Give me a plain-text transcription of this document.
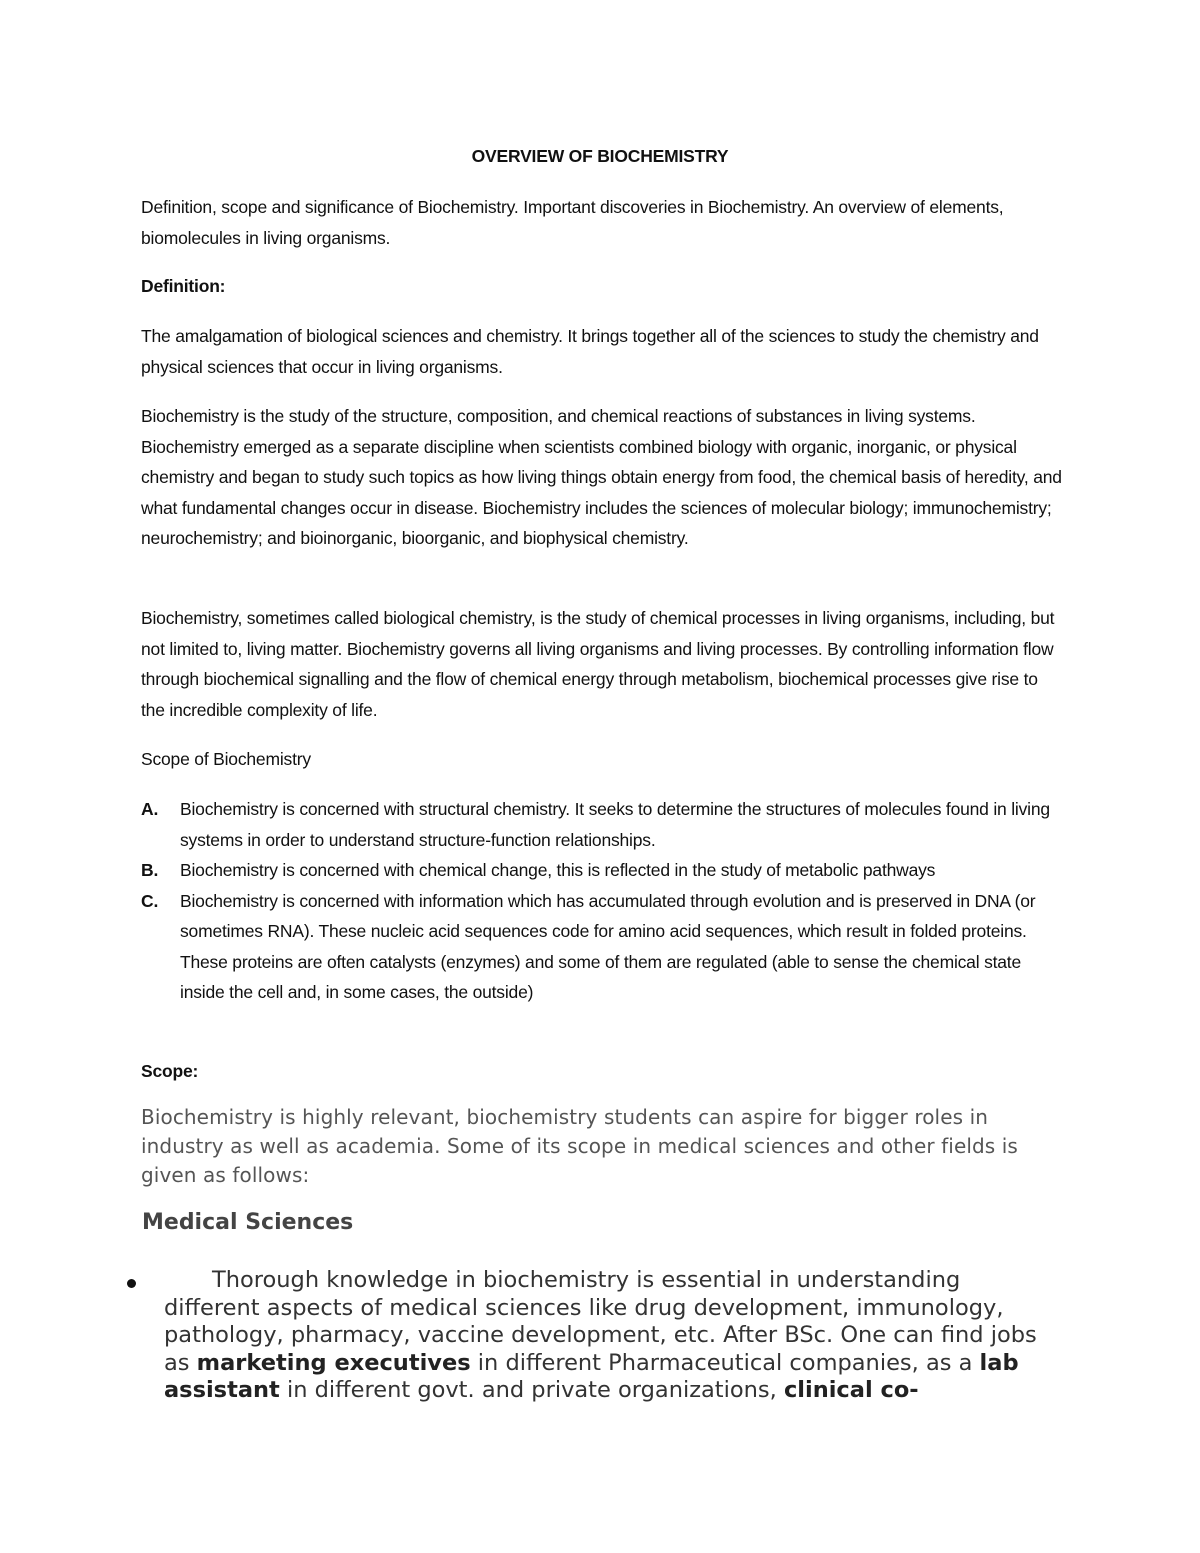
OVERVIEW OF BIOCHEMISTRY

Definition, scope and significance of Biochemistry. Important discoveries in Biochemistry. An overview of elements, biomolecules in living organisms.

Definition:

The amalgamation of biological sciences and chemistry. It brings together all of the sciences to study the chemistry and physical sciences that occur in living organisms.

Biochemistry is the study of the structure, composition, and chemical reactions of substances in living systems. Biochemistry emerged as a separate discipline when scientists combined biology with organic, inorganic, or physical chemistry and began to study such topics as how living things obtain energy from food, the chemical basis of heredity, and what fundamental changes occur in disease. Biochemistry includes the sciences of molecular biology; immunochemistry; neurochemistry; and bioinorganic, bioorganic, and biophysical chemistry.

Biochemistry, sometimes called biological chemistry, is the study of chemical processes in living organisms, including, but not limited to, living matter. Biochemistry governs all living organisms and living processes. By controlling information flow through biochemical signalling and the flow of chemical energy through metabolism, biochemical processes give rise to the incredible complexity of life.

Scope of Biochemistry

A. Biochemistry is concerned with structural chemistry. It seeks to determine the structures of molecules found in living systems in order to understand structure-function relationships.
B. Biochemistry is concerned with chemical change, this is reflected in the study of metabolic pathways
C. Biochemistry is concerned with information which has accumulated through evolution and is preserved in DNA (or sometimes RNA). These nucleic acid sequences code for amino acid sequences, which result in folded proteins. These proteins are often catalysts (enzymes) and some of them are regulated (able to sense the chemical state inside the cell and, in some cases, the outside)

Scope:

Biochemistry is highly relevant, biochemistry students can aspire for bigger roles in industry as well as academia. Some of its scope in medical sciences and other fields is given as follows:

Medical Sciences

Thorough knowledge in biochemistry is essential in understanding different aspects of medical sciences like drug development, immunology, pathology, pharmacy, vaccine development, etc. After BSc. One can find jobs as marketing executives in different Pharmaceutical companies, as a lab assistant in different govt. and private organizations, clinical co-
